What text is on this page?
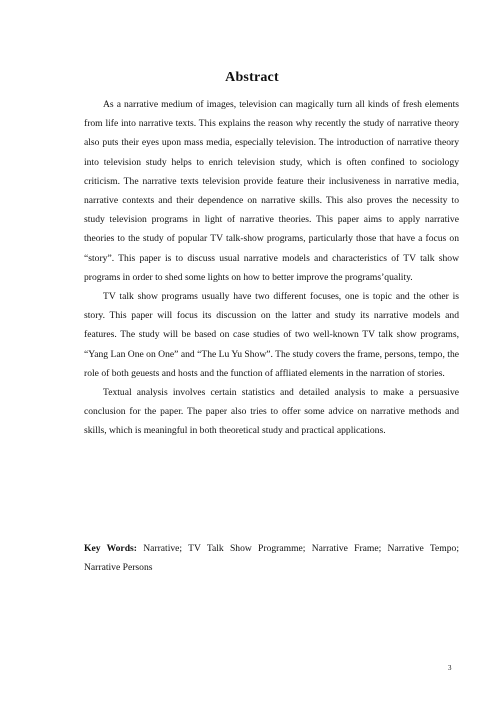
Abstract

As a narrative medium of images, television can magically turn all kinds of fresh elements from life into narrative texts. This explains the reason why recently the study of narrative theory also puts their eyes upon mass media, especially television. The introduction of narrative theory into television study helps to enrich television study, which is often confined to sociology criticism. The narrative texts television provide feature their inclusiveness in narrative media, narrative contexts and their dependence on narrative skills. This also proves the necessity to study television programs in light of narrative theories. This paper aims to apply narrative theories to the study of popular TV talk-show programs, particularly those that have a focus on “story”. This paper is to discuss usual narrative models and characteristics of TV talk show programs in order to shed some lights on how to better improve the programs’quality.

TV talk show programs usually have two different focuses, one is topic and the other is story. This paper will focus its discussion on the latter and study its narrative models and features. The study will be based on case studies of two well-known TV talk show programs, “Yang Lan One on One” and “The Lu Yu Show”. The study covers the frame, persons, tempo, the role of both geuests and hosts and the function of affliated elements in the narration of stories.

Textual analysis involves certain statistics and detailed analysis to make a persuasive conclusion for the paper. The paper also tries to offer some advice on narrative methods and skills, which is meaningful in both theoretical study and practical applications.

Key Words: Narrative; TV Talk Show Programme; Narrative Frame; Narrative Tempo; Narrative Persons
3
